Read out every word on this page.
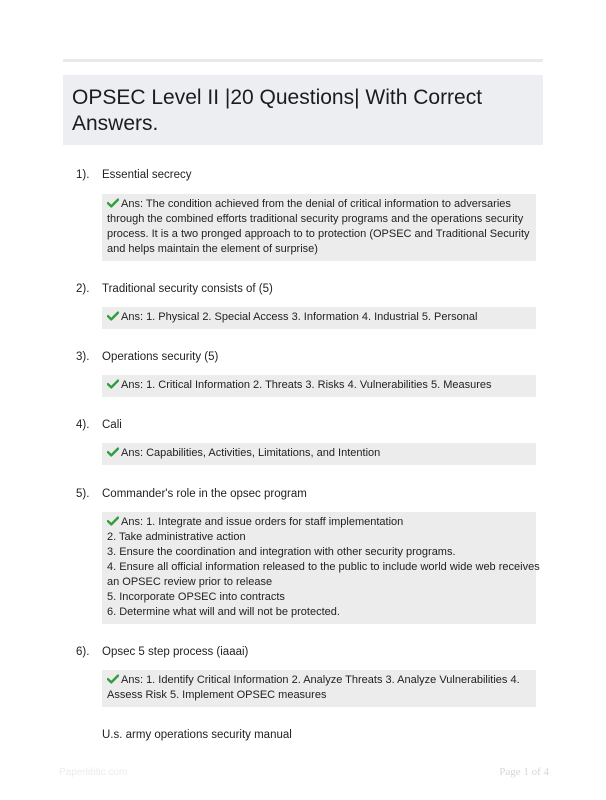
OPSEC Level II |20 Questions| With Correct Answers.
1). Essential secrecy
Ans: The condition achieved from the denial of critical information to adversaries
through the combined efforts traditional security programs and the operations security
process. It is a two pronged approach to to protection (OPSEC and Traditional Security
and helps maintain the element of surprise)
2). Traditional security consists of (5)
Ans: 1. Physical 2. Special Access 3. Information 4. Industrial 5. Personal
3). Operations security (5)
Ans: 1. Critical Information 2. Threats 3. Risks 4. Vulnerabilities 5. Measures
4). Cali
Ans: Capabilities, Activities, Limitations, and Intention
5). Commander's role in the opsec program
Ans: 1. Integrate and issue orders for staff implementation
2. Take administrative action
3. Ensure the coordination and integration with other security programs.
4. Ensure all official information released to the public to include world wide web receives
an OPSEC review prior to release
5. Incorporate OPSEC into contracts
6. Determine what will and will not be protected.
6). Opsec 5 step process (iaaai)
Ans: 1. Identify Critical Information 2. Analyze Threats 3. Analyze Vulnerabilities 4.
Assess Risk 5. Implement OPSEC measures
U.s. army operations security manual
Paperlibtic.com	Page 1 of 4
